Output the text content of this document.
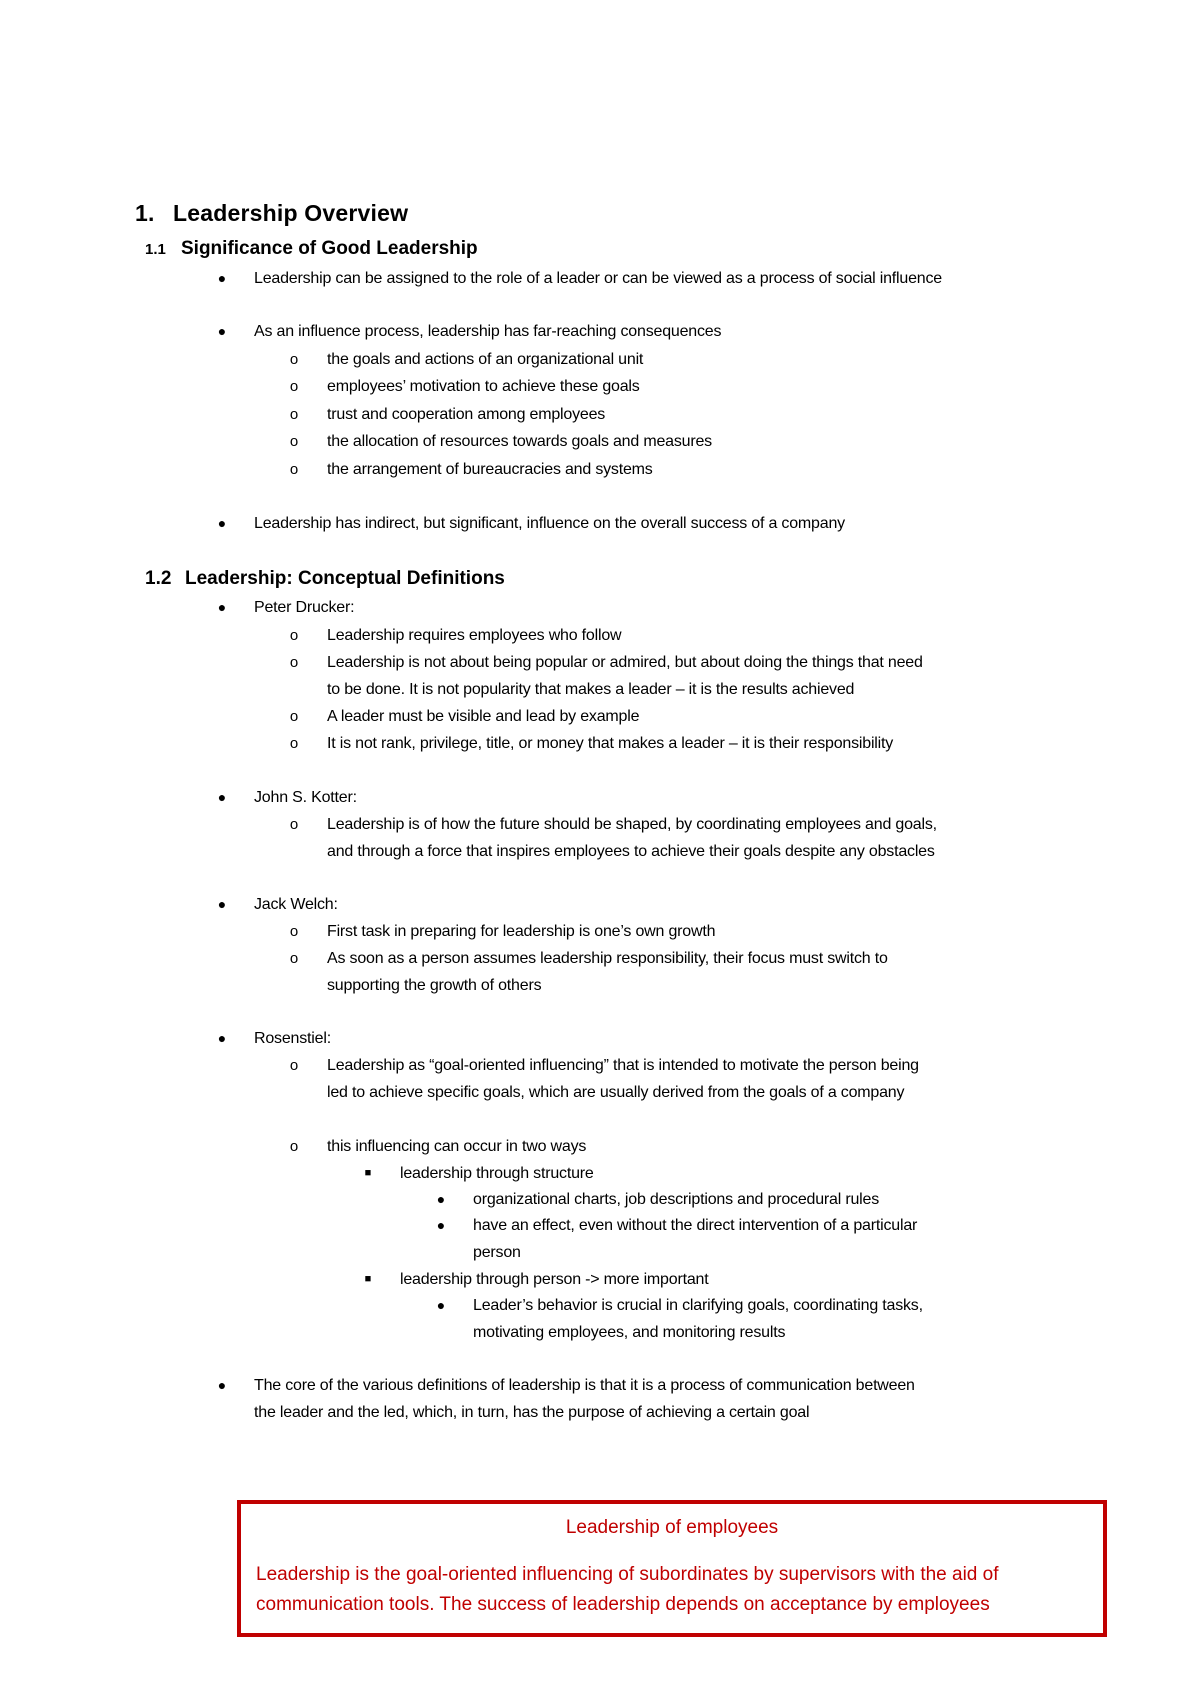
1. Leadership Overview
1.1 Significance of Good Leadership
●	Leadership can be assigned to the role of a leader or can be viewed as a process of social influence
●	As an influence process, leadership has far-reaching consequences
o	the goals and actions of an organizational unit
o	employees’ motivation to achieve these goals
o	trust and cooperation among employees
o	the allocation of resources towards goals and measures
o	the arrangement of bureaucracies and systems
●	Leadership has indirect, but significant, influence on the overall success of a company
1.2 Leadership: Conceptual Definitions
●	Peter Drucker:
o	Leadership requires employees who follow
o	Leadership is not about being popular or admired, but about doing the things that need
to be done. It is not popularity that makes a leader – it is the results achieved
o	A leader must be visible and lead by example
o	It is not rank, privilege, title, or money that makes a leader – it is their responsibility
●	John S. Kotter:
o	Leadership is of how the future should be shaped, by coordinating employees and goals,
and through a force that inspires employees to achieve their goals despite any obstacles
●	Jack Welch:
o	First task in preparing for leadership is one’s own growth
o	As soon as a person assumes leadership responsibility, their focus must switch to
supporting the growth of others
●	Rosenstiel:
o	Leadership as “goal-oriented influencing” that is intended to motivate the person being
led to achieve specific goals, which are usually derived from the goals of a company
o	this influencing can occur in two ways
■	leadership through structure
●	organizational charts, job descriptions and procedural rules
●	have an effect, even without the direct intervention of a particular
person
■	leadership through person -> more important
●	Leader’s behavior is crucial in clarifying goals, coordinating tasks,
motivating employees, and monitoring results
●	The core of the various definitions of leadership is that it is a process of communication between
the leader and the led, which, in turn, has the purpose of achieving a certain goal
Leadership of employees
Leadership is the goal-oriented influencing of subordinates by supervisors with the aid of
communication tools. The success of leadership depends on acceptance by employees
